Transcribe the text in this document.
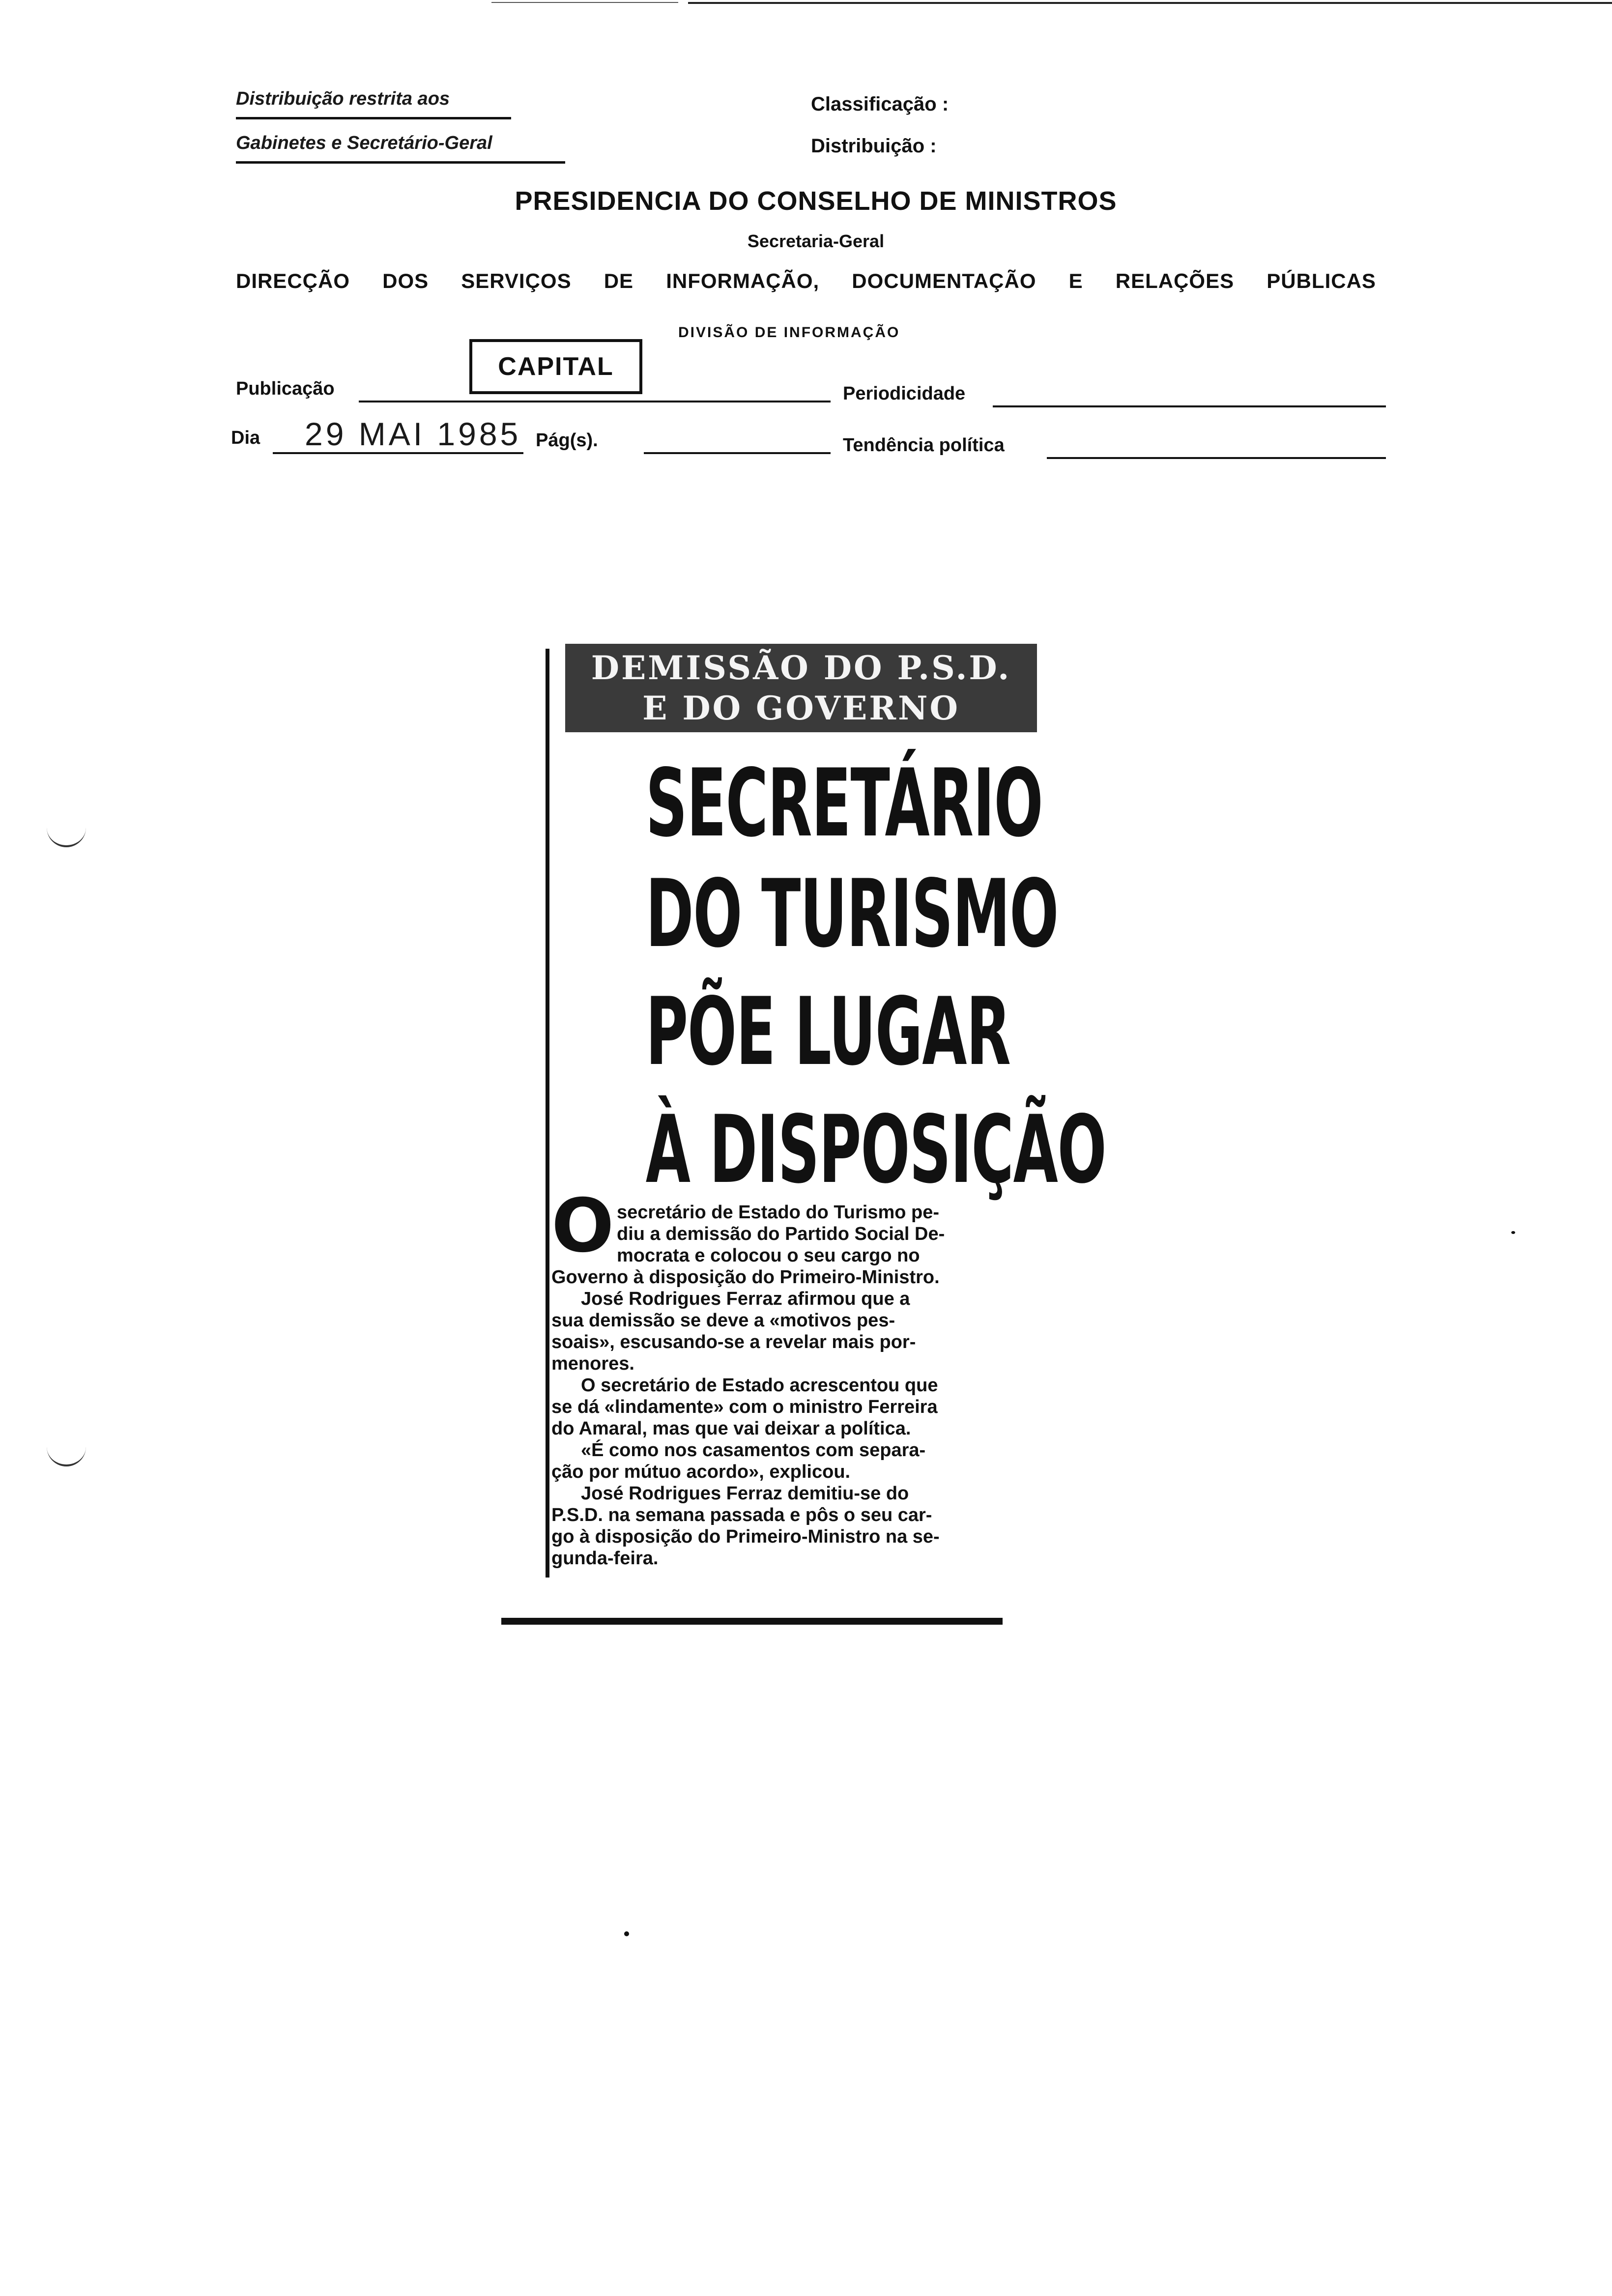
Distribuição restrita aos
Gabinetes e Secretário-Geral
Classificação :
Distribuição :
PRESIDENCIA DO CONSELHO DE MINISTROS
Secretaria-Geral
DIRECÇÃO DOS SERVIÇOS DE INFORMAÇÃO, DOCUMENTAÇÃO E RELAÇÕES PÚBLICAS
DIVISÃO DE INFORMAÇÃO
Publicação
CAPITAL
Periodicidade
Dia 29 MAI 1985 Pág(s).	Tendência política
DEMISSÃO DO P.S.D.
E DO GOVERNO
SECRETÁRIO
DO TURISMO
PÕE LUGAR
À DISPOSIÇÃO
O secretário de Estado do Turismo pe-
diu a demissão do Partido Social De-
mocrata e colocou o seu cargo no
Governo à disposição do Primeiro-Ministro.
José Rodrigues Ferraz afirmou que a
sua demissão se deve a «motivos pes-
soais», escusando-se a revelar mais por-
menores.
O secretário de Estado acrescentou que
se dá «lindamente» com o ministro Ferreira
do Amaral, mas que vai deixar a política.
«É como nos casamentos com separa-
ção por mútuo acordo», explicou.
José Rodrigues Ferraz demitiu-se do
P.S.D. na semana passada e pôs o seu car-
go à disposição do Primeiro-Ministro na se-
gunda-feira.
